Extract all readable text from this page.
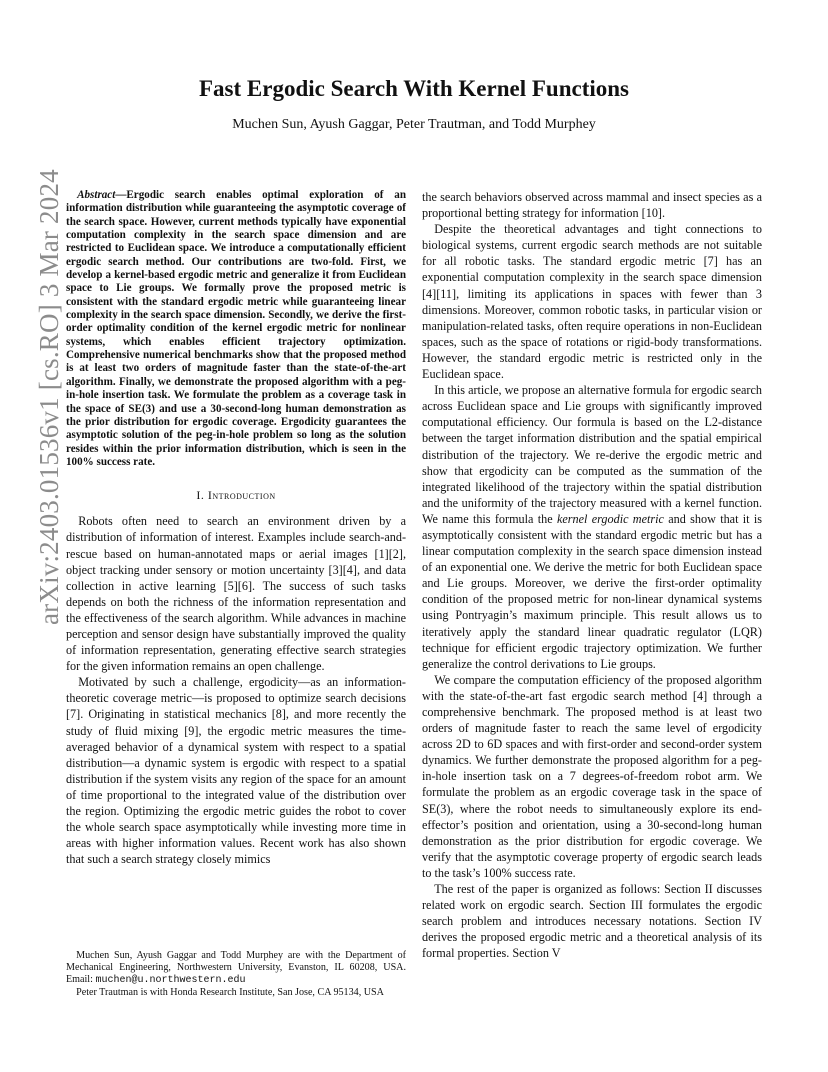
arXiv:2403.01536v1 [cs.RO] 3 Mar 2024
Fast Ergodic Search With Kernel Functions
Muchen Sun, Ayush Gaggar, Peter Trautman, and Todd Murphey

Abstract—Ergodic search enables optimal exploration of an information distribution while guaranteeing the asymptotic coverage of the search space. However, current methods typically have exponential computation complexity in the search space dimension and are restricted to Euclidean space. We introduce a computationally efficient ergodic search method. Our contributions are two-fold. First, we develop a kernel-based ergodic metric and generalize it from Euclidean space to Lie groups. We formally prove the proposed metric is consistent with the standard ergodic metric while guaranteeing linear complexity in the search space dimension. Secondly, we derive the first-order optimality condition of the kernel ergodic metric for nonlinear systems, which enables efficient trajectory optimization. Comprehensive numerical benchmarks show that the proposed method is at least two orders of magnitude faster than the state-of-the-art algorithm. Finally, we demonstrate the proposed algorithm with a peg-in-hole insertion task. We formulate the problem as a coverage task in the space of SE(3) and use a 30-second-long human demonstration as the prior distribution for ergodic coverage. Ergodicity guarantees the asymptotic solution of the peg-in-hole problem so long as the solution resides within the prior information distribution, which is seen in the 100% success rate.

I. Introduction

Robots often need to search an environment driven by a distribution of information of interest. Examples include search-and-rescue based on human-annotated maps or aerial images [1][2], object tracking under sensory or motion uncertainty [3][4], and data collection in active learning [5][6]. The success of such tasks depends on both the richness of the information representation and the effectiveness of the search algorithm. While advances in machine perception and sensor design have substantially improved the quality of information representation, generating effective search strategies for the given information remains an open challenge.

Motivated by such a challenge, ergodicity—as an information-theoretic coverage metric—is proposed to optimize search decisions [7]. Originating in statistical mechanics [8], and more recently the study of fluid mixing [9], the ergodic metric measures the time-averaged behavior of a dynamical system with respect to a spatial distribution—a dynamic system is ergodic with respect to a spatial distribution if the system visits any region of the space for an amount of time proportional to the integrated value of the distribution over the region. Optimizing the ergodic metric guides the robot to cover the whole search space asymptotically while investing more time in areas with higher information values. Recent work has also shown that such a search strategy closely mimics

the search behaviors observed across mammal and insect species as a proportional betting strategy for information [10].

Despite the theoretical advantages and tight connections to biological systems, current ergodic search methods are not suitable for all robotic tasks. The standard ergodic metric [7] has an exponential computation complexity in the search space dimension [4][11], limiting its applications in spaces with fewer than 3 dimensions. Moreover, common robotic tasks, in particular vision or manipulation-related tasks, often require operations in non-Euclidean spaces, such as the space of rotations or rigid-body transformations. However, the standard ergodic metric is restricted only in the Euclidean space.

In this article, we propose an alternative formula for ergodic search across Euclidean space and Lie groups with significantly improved computational efficiency. Our formula is based on the L2-distance between the target information distribution and the spatial empirical distribution of the trajectory. We re-derive the ergodic metric and show that ergodicity can be computed as the summation of the integrated likelihood of the trajectory within the spatial distribution and the uniformity of the trajectory measured with a kernel function. We name this formula the kernel ergodic metric and show that it is asymptotically consistent with the standard ergodic metric but has a linear computation complexity in the search space dimension instead of an exponential one. We derive the metric for both Euclidean space and Lie groups. Moreover, we derive the first-order optimality condition of the proposed metric for non-linear dynamical systems using Pontryagin’s maximum principle. This result allows us to iteratively apply the standard linear quadratic regulator (LQR) technique for efficient ergodic trajectory optimization. We further generalize the control derivations to Lie groups.

We compare the computation efficiency of the proposed algorithm with the state-of-the-art fast ergodic search method [4] through a comprehensive benchmark. The proposed method is at least two orders of magnitude faster to reach the same level of ergodicity across 2D to 6D spaces and with first-order and second-order system dynamics. We further demonstrate the proposed algorithm for a peg-in-hole insertion task on a 7 degrees-of-freedom robot arm. We formulate the problem as an ergodic coverage task in the space of SE(3), where the robot needs to simultaneously explore its end-effector’s position and orientation, using a 30-second-long human demonstration as the prior distribution for ergodic coverage. We verify that the asymptotic coverage property of ergodic search leads to the task’s 100% success rate.

The rest of the paper is organized as follows: Section II discusses related work on ergodic search. Section III formulates the ergodic search problem and introduces necessary notations. Section IV derives the proposed ergodic metric and a theoretical analysis of its formal properties. Section V

Muchen Sun, Ayush Gaggar and Todd Murphey are with the Department of Mechanical Engineering, Northwestern University, Evanston, IL 60208, USA. Email: muchen@u.northwestern.edu

Peter Trautman is with Honda Research Institute, San Jose, CA 95134, USA
